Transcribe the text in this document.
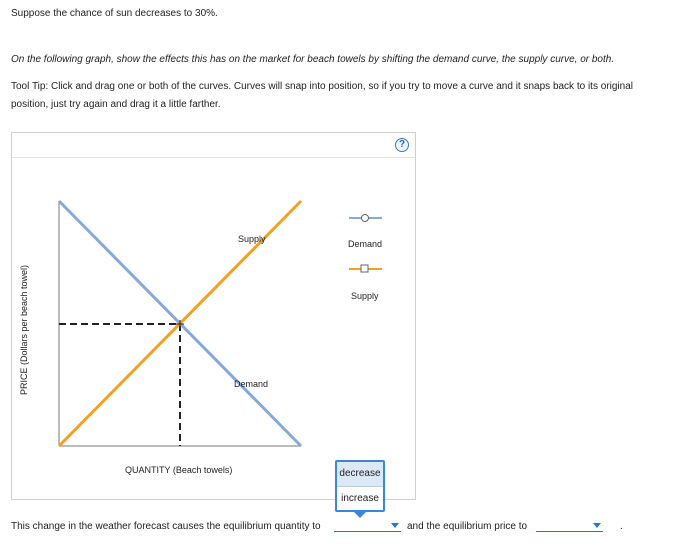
Suppose the chance of sun decreases to 30%.
On the following graph, show the effects this has on the market for beach towels by shifting the demand curve, the supply curve, or both.
Tool Tip: Click and drag one or both of the curves. Curves will snap into position, so if you try to move a curve and it snaps back to its original
position, just try again and drag it a little farther.
?
Supply
Demand
PRICE (Dollars per beach towel)
QUANTITY (Beach towels)
Demand
Supply
This change in the weather forecast causes the equilibrium quantity to	and the equilibrium price to	.
decrease
increase
